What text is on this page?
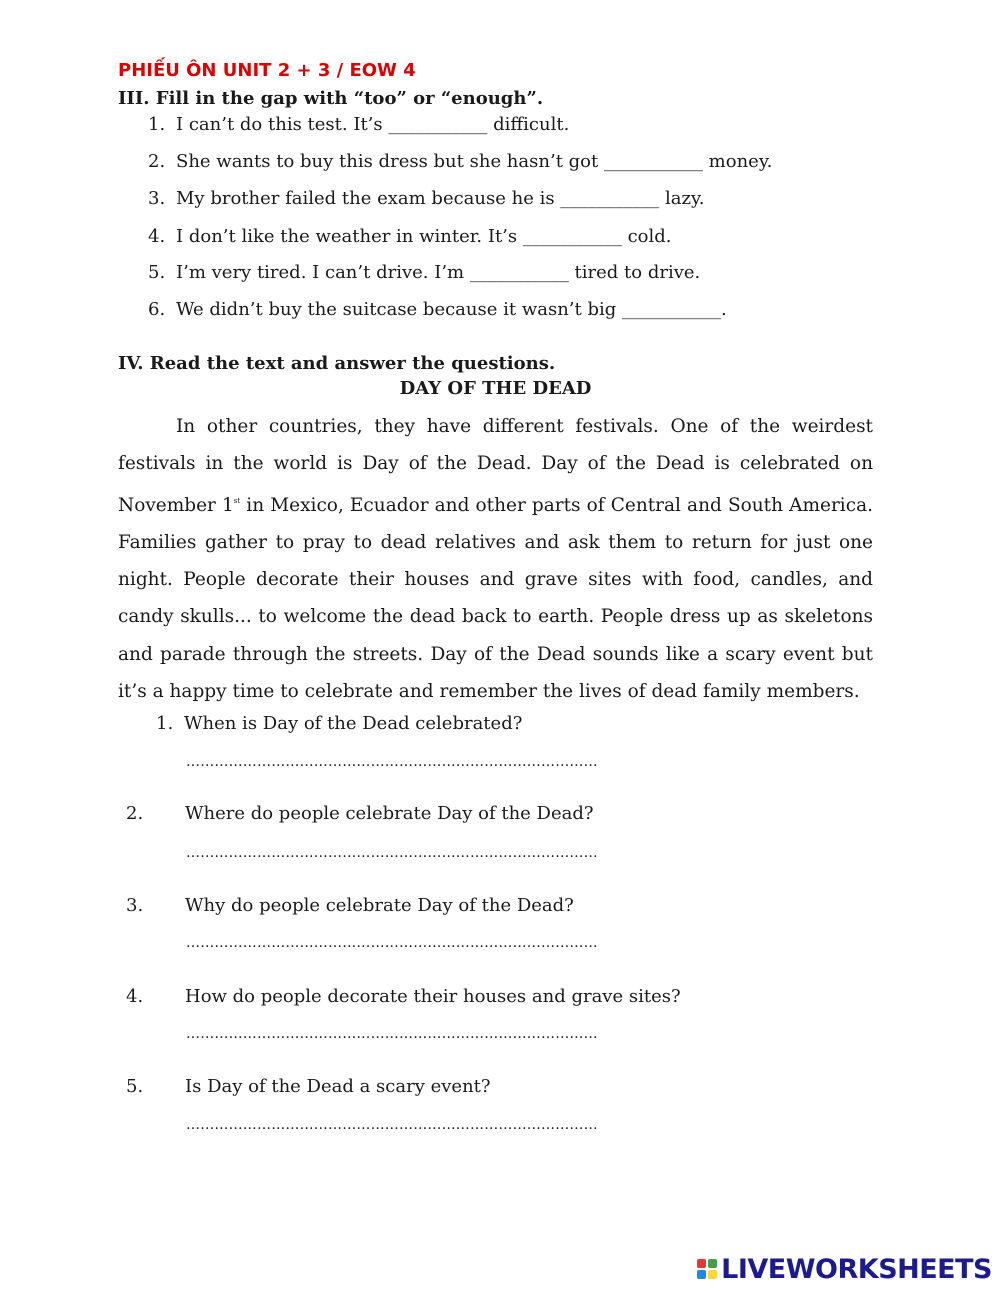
PHIẾU ÔN UNIT 2 + 3 / EOW 4
III. Fill in the gap with “too” or “enough”.
1. I can’t do this test. It’s ___________ difficult.
2. She wants to buy this dress but she hasn’t got ___________ money.
3. My brother failed the exam because he is ___________ lazy.
4. I don’t like the weather in winter. It’s ___________ cold.
5. I’m very tired. I can’t drive. I’m ___________ tired to drive.
6. We didn’t buy the suitcase because it wasn’t big ___________.
IV. Read the text and answer the questions.
DAY OF THE DEAD

In other countries, they have different festivals. One of the weirdest festivals in the world is Day of the Dead. Day of the Dead is celebrated on November 1st in Mexico, Ecuador and other parts of Central and South America. Families gather to pray to dead relatives and ask them to return for just one night. People decorate their houses and grave sites with food, candles, and candy skulls... to welcome the dead back to earth. People dress up as skeletons and parade through the streets. Day of the Dead sounds like a scary event but it’s a happy time to celebrate and remember the lives of dead family members.

1. When is Day of the Dead celebrated?
……………………………………………………………………………
2. Where do people celebrate Day of the Dead?
……………………………………………………………………………
3. Why do people celebrate Day of the Dead?
……………………………………………………………………………
4. How do people decorate their houses and grave sites?
……………………………………………………………………………
5. Is Day of the Dead a scary event?
……………………………………………………………………………
LIVEWORKSHEETS
